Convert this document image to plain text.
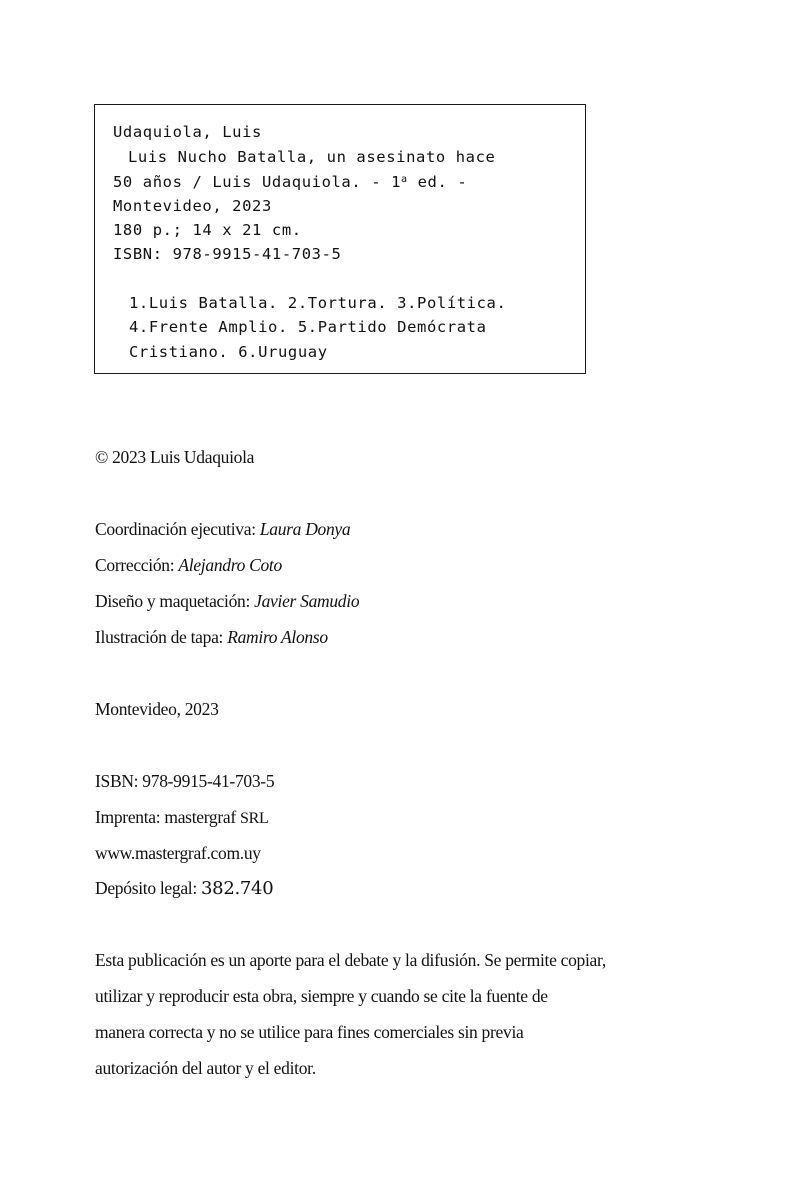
Udaquiola, Luis
Luis Nucho Batalla, un asesinato hace
50 años / Luis Udaquiola. - 1$^a$ ed. -
Montevideo, 2023
180 p.; 14 x 21 cm.
ISBN: 978-9915-41-703-5
1.Luis Batalla. 2.Tortura. 3.Política.
4.Frente Amplio. 5.Partido Demócrata
Cristiano. 6.Uruguay
© 2023 Luis Udaquiola
Coordinación ejecutiva: Laura Donya
Corrección: Alejandro Coto
Diseño y maquetación: Javier Samudio
Ilustración de tapa: Ramiro Alonso
Montevideo, 2023
ISBN: 978-9915-41-703-5
Imprenta: mastergraf SRL
www.mastergraf.com.uy
Depósito legal: 382.740
Esta publicación es un aporte para el debate y la difusión. Se permite copiar,
utilizar y reproducir esta obra, siempre y cuando se cite la fuente de
manera correcta y no se utilice para fines comerciales sin previa
autorización del autor y el editor.
